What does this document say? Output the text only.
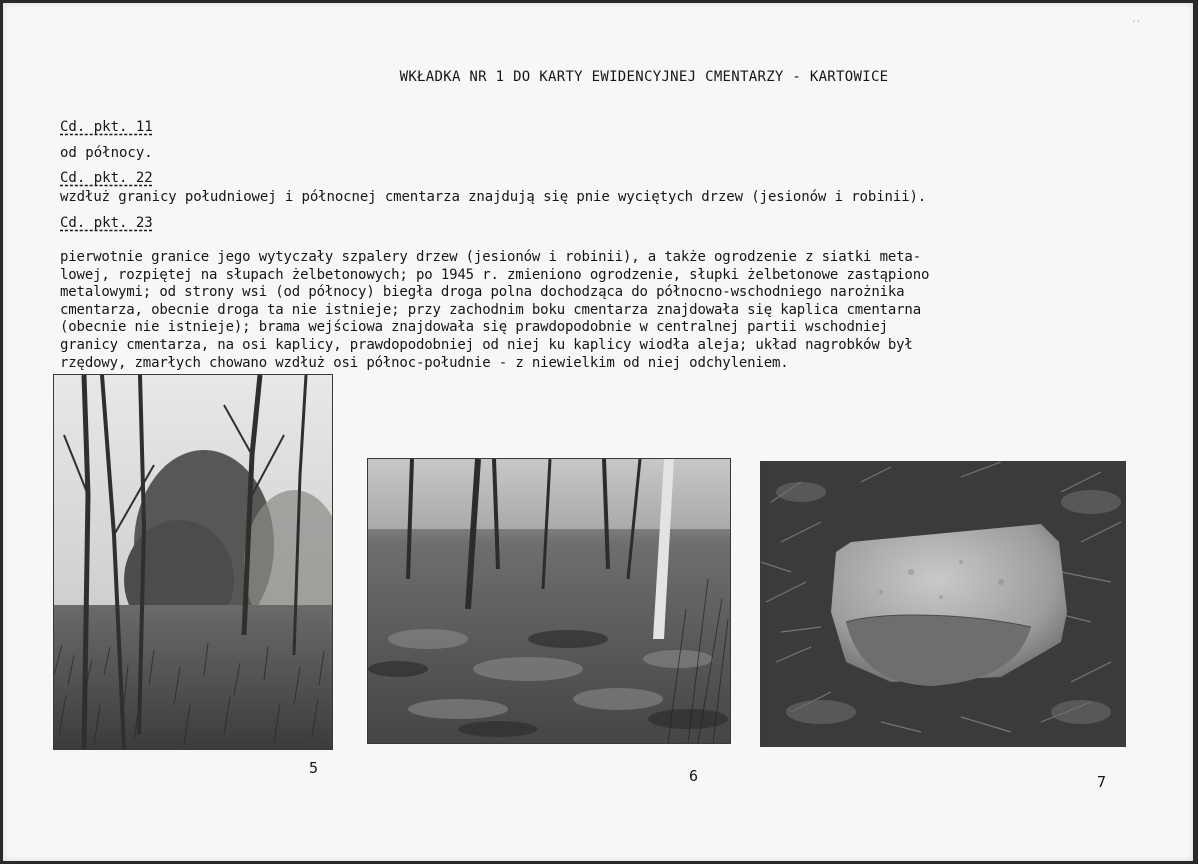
··
WKŁADKA NR 1 DO KARTY EWIDENCYJNEJ CMENTARZY - KARTOWICE
Cd. pkt. 11
od północy.
Cd. pkt. 22
wzdłuż granicy południowej i północnej cmentarza znajdują się pnie wyciętych drzew (jesionów i robinii).
Cd. pkt. 23
pierwotnie granice jego wytyczały szpalery drzew (jesionów i robinii), a także ogrodzenie z siatki meta-
lowej, rozpiętej na słupach żelbetonowych; po 1945 r. zmieniono ogrodzenie, słupki żelbetonowe zastąpiono
metalowymi; od strony wsi (od północy) biegła droga polna dochodząca do północno-wschodniego narożnika
cmentarza, obecnie droga ta nie istnieje; przy zachodnim boku cmentarza znajdowała się kaplica cmentarna
(obecnie nie istnieje); brama wejściowa znajdowała się prawdopodobnie w centralnej partii wschodniej
granicy cmentarza, na osi kaplicy, prawdopodobniej od niej ku kaplicy wiodła aleja; układ nagrobków był
rzędowy, zmarłych chowano wzdłuż osi północ-południe - z niewielkim od niej odchyleniem.
5	6	7
